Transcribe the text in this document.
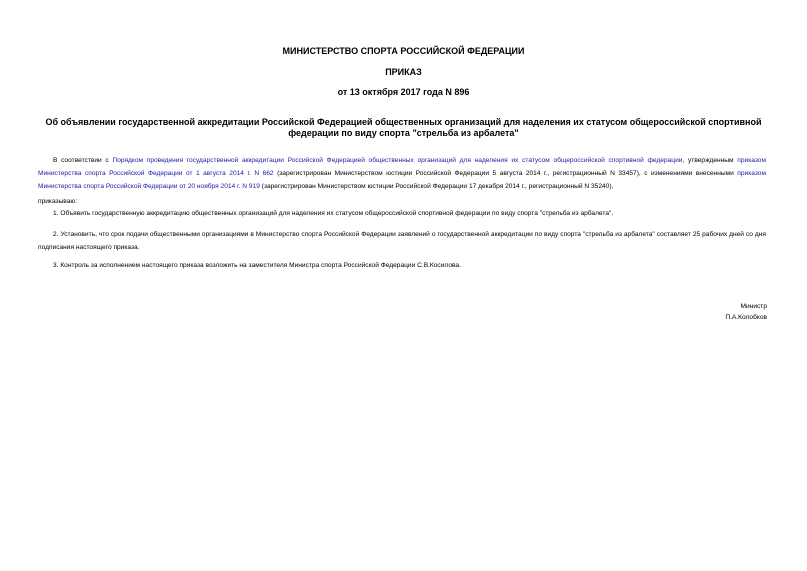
МИНИСТЕРСТВО СПОРТА РОССИЙСКОЙ ФЕДЕРАЦИИ

ПРИКАЗ

от 13 октября 2017 года N 896

Об объявлении государственной аккредитации Российской Федерацией общественных организаций для наделения их статусом общероссийской спортивной федерации по виду спорта "стрельба из арбалета"

В соответствии с Порядком проведения государственной аккредитации Российской Федерацией общественных организаций для наделения их статусом общероссийской спортивной федерации, утвержденным приказом Министерства спорта Российской Федерации от 1 августа 2014 г. N 662 (зарегистрирован Министерством юстиции Российской Федерации 5 августа 2014 г., регистрационный N 33457), с изменениями внесенными приказом Министерства спорта Российской Федерации от 20 ноября 2014 г. N 919 (зарегистрирован Министерством юстиции Российской Федерации 17 декабря 2014 г., регистрационный N 35240),

приказываю:

1. Объявить государственную аккредитацию общественных организаций для наделения их статусом общероссийской спортивной федерации по виду спорта "стрельба из арбалета".

2. Установить, что срок подачи общественными организациями в Министерство спорта Российской Федерации заявлений о государственной аккредитации по виду спорта "стрельба из арбалета" составляет 25 рабочих дней со дня подписания настоящего приказа.

3. Контроль за исполнением настоящего приказа возложить на заместителя Министра спорта Российской Федерации С.В.Косилова.

Министр

П.А.Колобков
